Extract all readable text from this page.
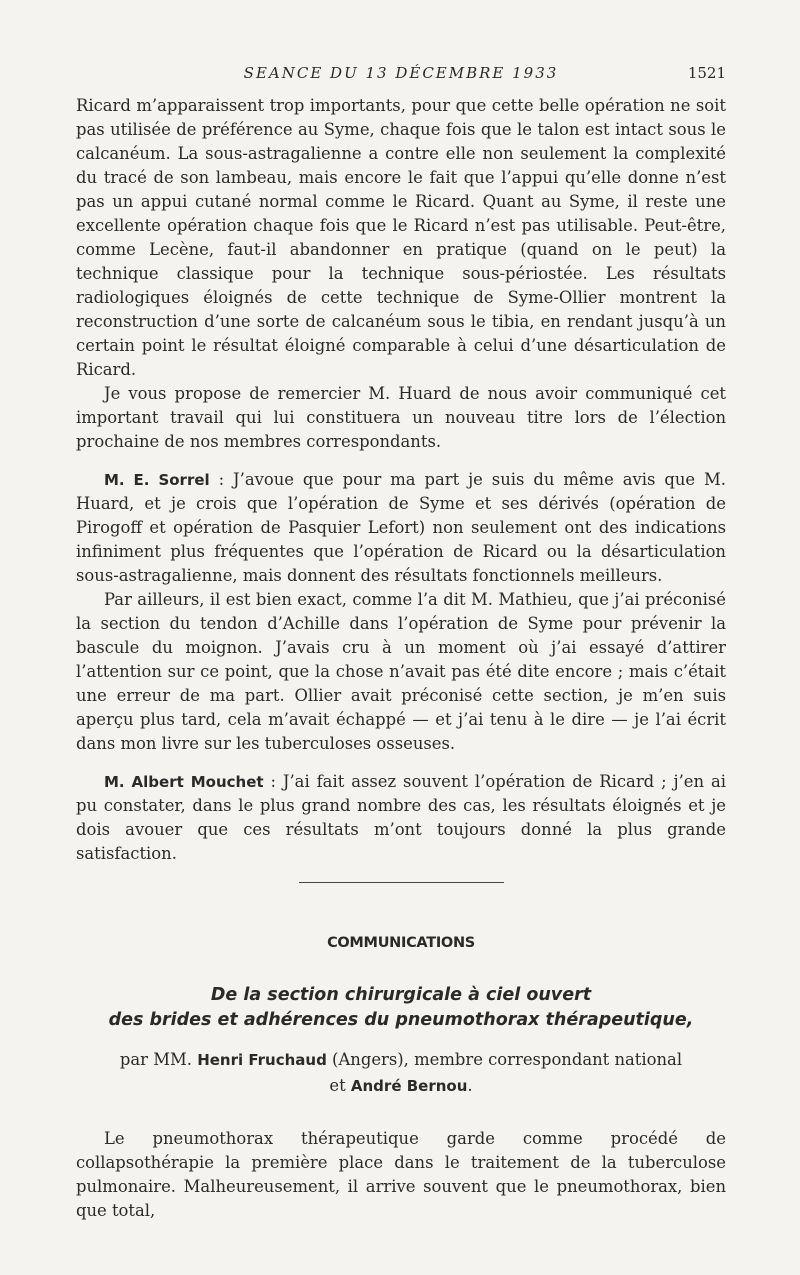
SEANCE DU 13 DÉCEMBRE 1933	1521

Ricard m’apparaissent trop importants, pour que cette belle opération ne soit pas utilisée de préférence au Syme, chaque fois que le talon est intact sous le calcanéum. La sous-astragalienne a contre elle non seulement la complexité du tracé de son lambeau, mais encore le fait que l’appui qu’elle donne n’est pas un appui cutané normal comme le Ricard. Quant au Syme, il reste une excellente opération chaque fois que le Ricard n’est pas utilisable. Peut-être, comme Lecène, faut-il abandonner en pratique (quand on le peut) la technique classique pour la technique sous-périostée. Les résultats radiologiques éloignés de cette technique de Syme-Ollier montrent la reconstruction d’une sorte de calcanéum sous le tibia, en rendant jusqu’à un certain point le résultat éloigné comparable à celui d’une désarticulation de Ricard.

Je vous propose de remercier M. Huard de nous avoir communiqué cet important travail qui lui constituera un nouveau titre lors de l’élection prochaine de nos membres correspondants.

M. E. Sorrel : J’avoue que pour ma part je suis du même avis que M. Huard, et je crois que l’opération de Syme et ses dérivés (opération de Pirogoff et opération de Pasquier Lefort) non seulement ont des indications infiniment plus fréquentes que l’opération de Ricard ou la désarticulation sous-astragalienne, mais donnent des résultats fonctionnels meilleurs.

Par ailleurs, il est bien exact, comme l’a dit M. Mathieu, que j’ai préconisé la section du tendon d’Achille dans l’opération de Syme pour prévenir la bascule du moignon. J’avais cru à un moment où j’ai essayé d’attirer l’attention sur ce point, que la chose n’avait pas été dite encore ; mais c’était une erreur de ma part. Ollier avait préconisé cette section, je m’en suis aperçu plus tard, cela m’avait échappé — et j’ai tenu à le dire — je l’ai écrit dans mon livre sur les tuberculoses osseuses.

M. Albert Mouchet : J’ai fait assez souvent l’opération de Ricard ; j’en ai pu constater, dans le plus grand nombre des cas, les résultats éloignés et je dois avouer que ces résultats m’ont toujours donné la plus grande satisfaction.

COMMUNICATIONS
De la section chirurgicale à ciel ouvert
des brides et adhérences du pneumothorax thérapeutique,
par MM. Henri Fruchaud (Angers), membre correspondant national
et André Bernou.

Le pneumothorax thérapeutique garde comme procédé de collapsothérapie la première place dans le traitement de la tuberculose pulmonaire. Malheureusement, il arrive souvent que le pneumothorax, bien que total,
